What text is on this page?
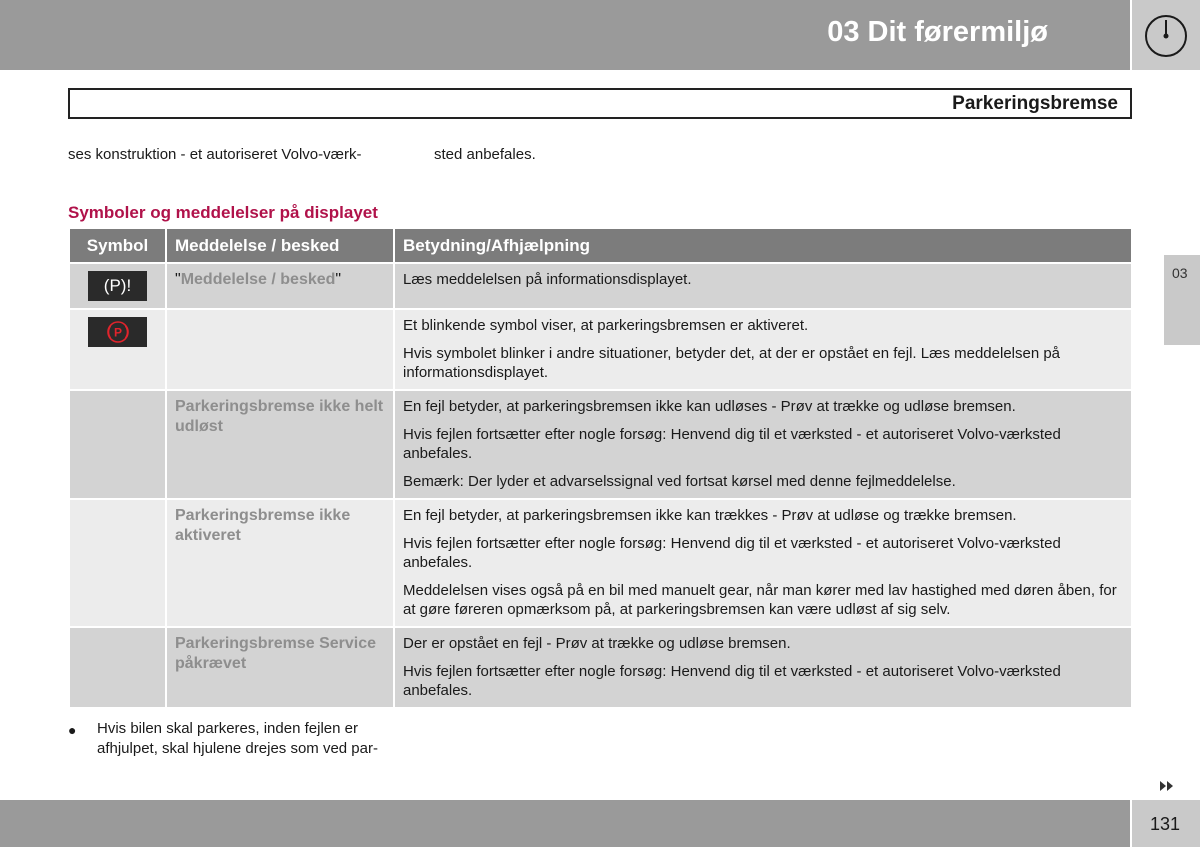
03 Dit førermiljø
Parkeringsbremse
ses konstruktion - et autoriseret Volvo-værk-	sted anbefales.
Symboler og meddelelser på displayet
03
Symbol	Meddelelse / besked	Betydning/Afhjælpning
(P)!	"Meddelelse / besked"	Læs meddelelsen på informationsdisplayet.

P		Et blinkende symbol viser, at parkeringsbremsen er aktiveret.

Hvis symbolet blinker i andre situationer, betyder det, at der er opstået en fejl. Læs meddelelsen på informationsdisplayet.

	Parkeringsbremse ikke helt udløst	En fejl betyder, at parkeringsbremsen ikke kan udløses - Prøv at trække og udløse bremsen.

Hvis fejlen fortsætter efter nogle forsøg: Henvend dig til et værksted - et autoriseret Volvo-værksted anbefales.

Bemærk: Der lyder et advarselssignal ved fortsat kørsel med denne fejlmeddelelse.

	Parkeringsbremse ikke aktiveret	En fejl betyder, at parkeringsbremsen ikke kan trækkes - Prøv at udløse og trække bremsen.

Hvis fejlen fortsætter efter nogle forsøg: Henvend dig til et værksted - et autoriseret Volvo-værksted anbefales.

Meddelelsen vises også på en bil med manuelt gear, når man kører med lav hastighed med døren åben, for at gøre føreren opmærksom på, at parkeringsbremsen kan være udløst af sig selv.

	Parkeringsbremse Service påkrævet	Der er opstået en fejl - Prøv at trække og udløse bremsen.

Hvis fejlen fortsætter efter nogle forsøg: Henvend dig til et værksted - et autoriseret Volvo-værksted anbefales.

● Hvis bilen skal parkeres, inden fejlen er
afhjulpet, skal hjulene drejes som ved par-
131
